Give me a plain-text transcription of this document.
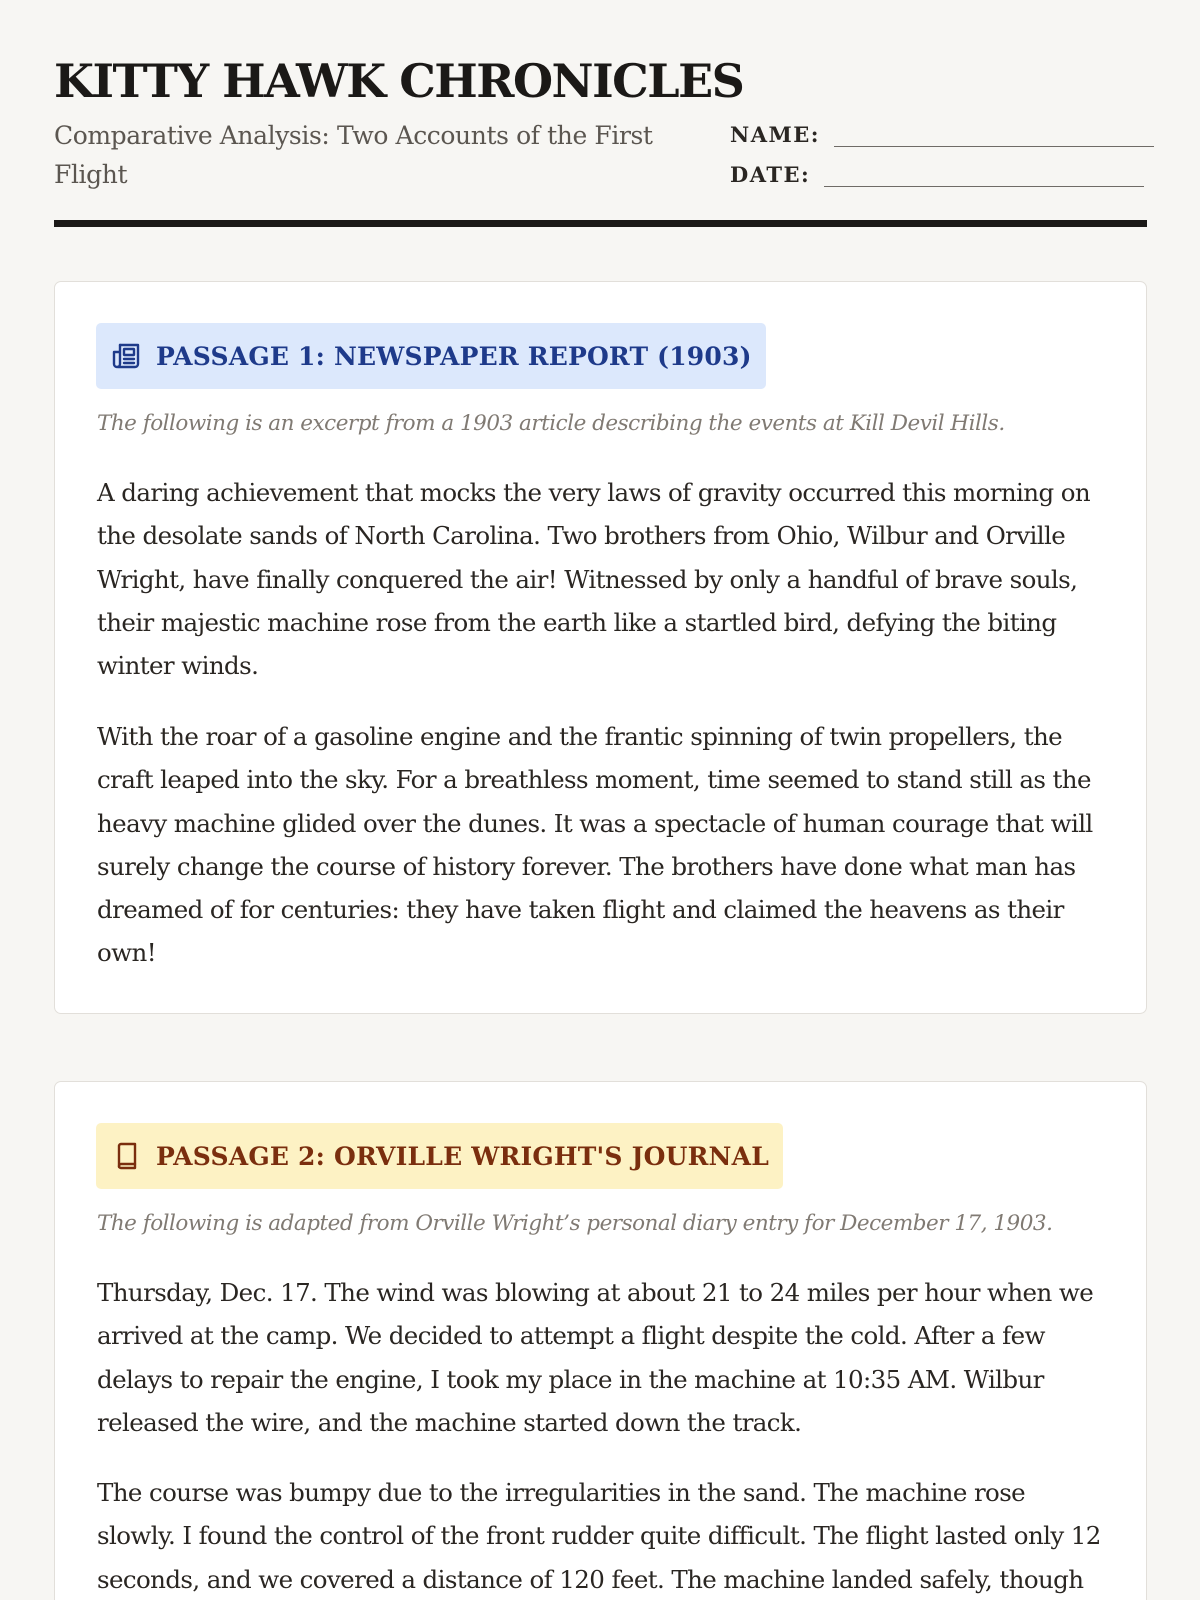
KITTY HAWK CHRONICLES
Comparative Analysis: Two Accounts of the First Flight
NAME:
DATE:
PASSAGE 1: NEWSPAPER REPORT (1903)
The following is an excerpt from a 1903 article describing the events at Kill Devil Hills.

A daring achievement that mocks the very laws of gravity occurred this morning on the desolate sands of North Carolina. Two brothers from Ohio, Wilbur and Orville Wright, have finally conquered the air! Witnessed by only a handful of brave souls, their majestic machine rose from the earth like a startled bird, defying the biting winter winds.

With the roar of a gasoline engine and the frantic spinning of twin propellers, the craft leaped into the sky. For a breathless moment, time seemed to stand still as the heavy machine glided over the dunes. It was a spectacle of human courage that will surely change the course of history forever. The brothers have done what man has dreamed of for centuries: they have taken flight and claimed the heavens as their own!

PASSAGE 2: ORVILLE WRIGHT'S JOURNAL
The following is adapted from Orville Wright’s personal diary entry for December 17, 1903.

Thursday, Dec. 17. The wind was blowing at about 21 to 24 miles per hour when we arrived at the camp. We decided to attempt a flight despite the cold. After a few delays to repair the engine, I took my place in the machine at 10:35 AM. Wilbur released the wire, and the machine started down the track.

The course was bumpy due to the irregularities in the sand. The machine rose slowly. I found the control of the front rudder quite difficult. The flight lasted only 12 seconds, and we covered a distance of 120 feet. The machine landed safely, though
